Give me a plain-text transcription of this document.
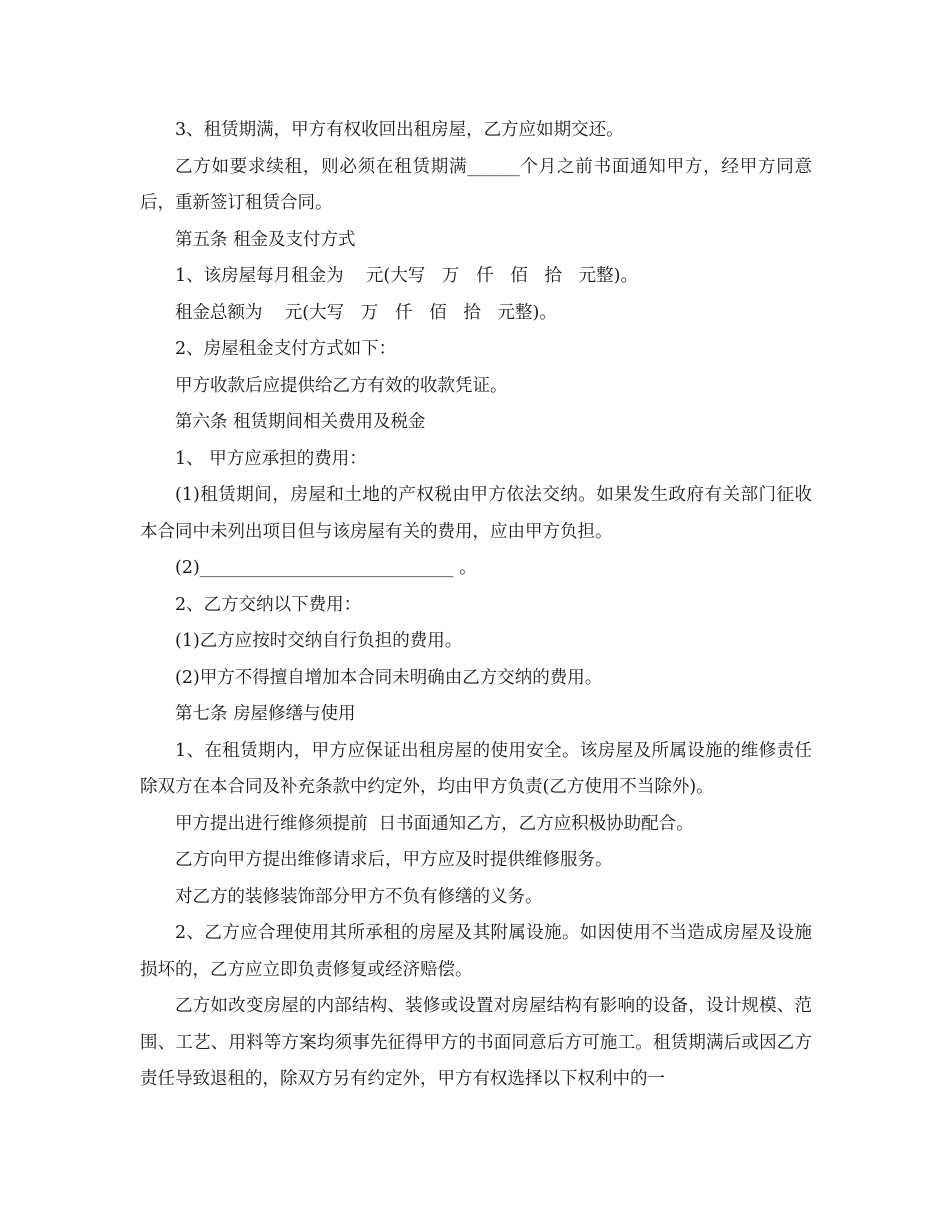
3、租赁期满，甲方有权收回出租房屋，乙方应如期交还。

乙方如要求续租，则必须在租赁期满______个月之前书面通知甲方，经甲方同意后，重新签订租赁合同。

第五条 租金及支付方式

1、该房屋每月租金为    元(大写   万   仟   佰   拾   元整)。

租金总额为    元(大写   万   仟   佰   拾   元整)。

2、房屋租金支付方式如下：

甲方收款后应提供给乙方有效的收款凭证。

第六条 租赁期间相关费用及税金

1、 甲方应承担的费用：

(1)租赁期间，房屋和土地的产权税由甲方依法交纳。如果发生政府有关部门征收本合同中未列出项目但与该房屋有关的费用，应由甲方负担。

(2)_____________________________ 。

2、乙方交纳以下费用：

(1)乙方应按时交纳自行负担的费用。

(2)甲方不得擅自增加本合同未明确由乙方交纳的费用。

第七条 房屋修缮与使用

1、在租赁期内，甲方应保证出租房屋的使用安全。该房屋及所属设施的维修责任除双方在本合同及补充条款中约定外，均由甲方负责(乙方使用不当除外)。

甲方提出进行维修须提前  日书面通知乙方，乙方应积极协助配合。

乙方向甲方提出维修请求后，甲方应及时提供维修服务。

对乙方的装修装饰部分甲方不负有修缮的义务。

2、乙方应合理使用其所承租的房屋及其附属设施。如因使用不当造成房屋及设施损坏的，乙方应立即负责修复或经济赔偿。

乙方如改变房屋的内部结构、装修或设置对房屋结构有影响的设备，设计规模、范围、工艺、用料等方案均须事先征得甲方的书面同意后方可施工。租赁期满后或因乙方责任导致退租的，除双方另有约定外，甲方有权选择以下权利中的一
